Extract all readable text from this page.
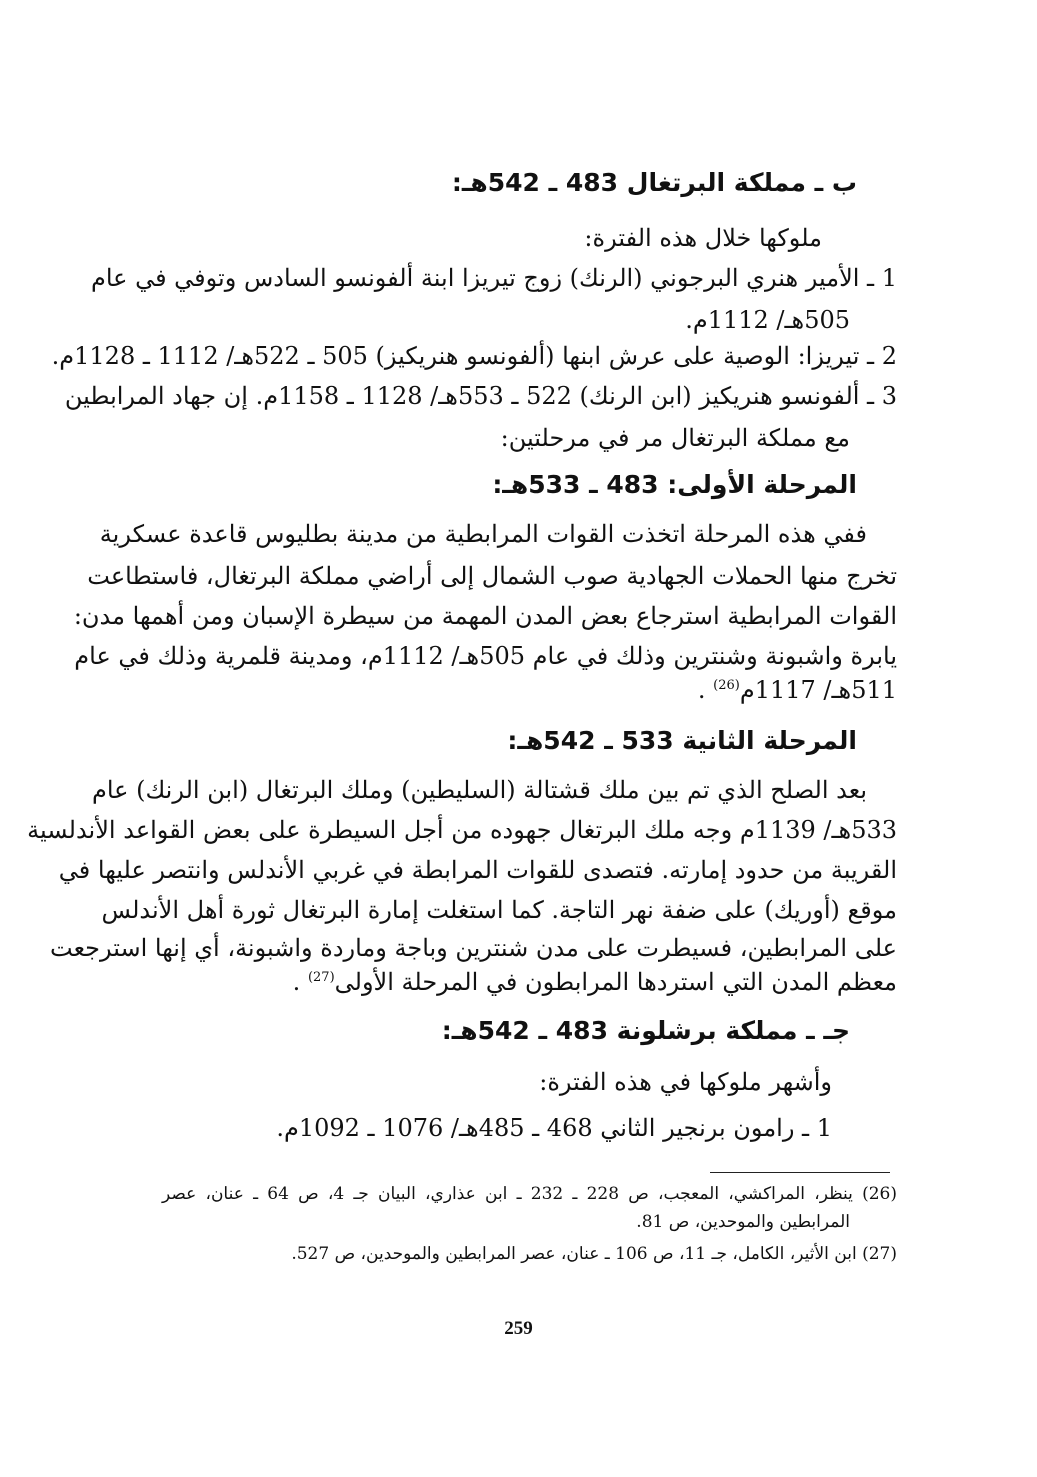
ب ـ مملكة البرتغال 483 ـ 542هـ:
ملوكها خلال هذه الفترة:
1 ـ الأمير هنري البرجوني (الرنك) زوج تيريزا ابنة ألفونسو السادس وتوفي في عام
505هـ/ 1112م.
2 ـ تيريزا: الوصية على عرش ابنها (ألفونسو هنريكيز) 505 ـ 522هـ/ 1112 ـ 1128م.
3 ـ ألفونسو هنريكيز (ابن الرنك) 522 ـ 553هـ/ 1128 ـ 1158م. إن جهاد المرابطين
مع مملكة البرتغال مر في مرحلتين:
المرحلة الأولى: 483 ـ 533هـ:
ففي هذه المرحلة اتخذت القوات المرابطية من مدينة بطليوس قاعدة عسكرية
تخرج منها الحملات الجهادية صوب الشمال إلى أراضي مملكة البرتغال، فاستطاعت
القوات المرابطية استرجاع بعض المدن المهمة من سيطرة الإسبان ومن أهمها مدن:
يابرة واشبونة وشنترين وذلك في عام 505هـ/ 1112م، ومدينة قلمرية وذلك في عام
511هـ/ 1117م$^{(26)}$ .
المرحلة الثانية 533 ـ 542هـ:
بعد الصلح الذي تم بين ملك قشتالة (السليطين) وملك البرتغال (ابن الرنك) عام
533هـ/ 1139م وجه ملك البرتغال جهوده من أجل السيطرة على بعض القواعد الأندلسية
القريبة من حدود إمارته. فتصدى للقوات المرابطة في غربي الأندلس وانتصر عليها في
موقع (أوريك) على ضفة نهر التاجة. كما استغلت إمارة البرتغال ثورة أهل الأندلس
على المرابطين، فسيطرت على مدن شنترين وباجة وماردة واشبونة، أي إنها استرجعت
معظم المدن التي استردها المرابطون في المرحلة الأولى$^{(27)}$ .
جـ ـ مملكة برشلونة 483 ـ 542هـ:
وأشهر ملوكها في هذه الفترة:
1 ـ رامون برنجير الثاني 468 ـ 485هـ/ 1076 ـ 1092م.
(26) ينظر، المراكشي، المعجب، ص 228 ـ 232 ـ ابن عذاري، البيان جـ 4، ص 64 ـ عنان، عصر
المرابطين والموحدين، ص 81.
(27) ابن الأثير، الكامل، جـ 11، ص 106 ـ عنان، عصر المرابطين والموحدين، ص 527.
259
